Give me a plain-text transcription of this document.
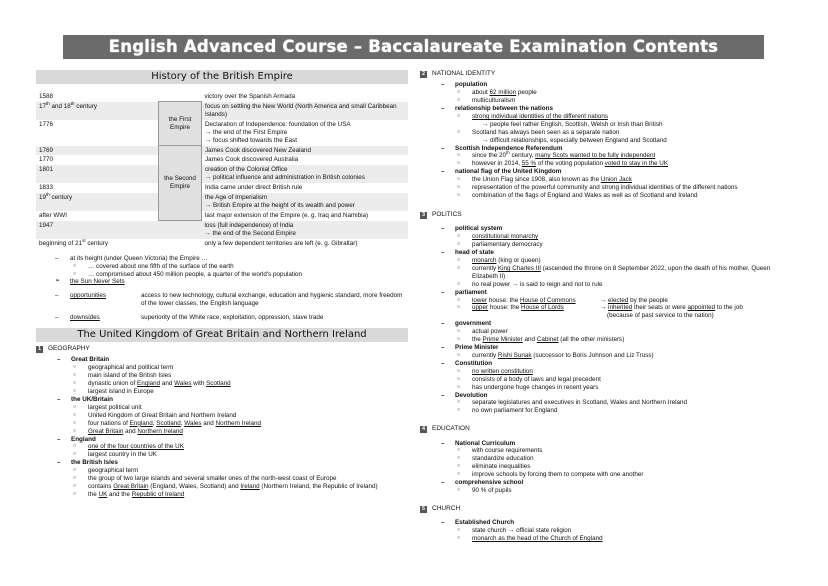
English Advanced Course – Baccalaureate Examination Contents
History of the British Empire
1588		victory over the Spanish Armada
17th and 18th century	the First Empire	focus on settling the New World (North America and small Caribbean Islands)
1776		Declaration of Independence: foundation of the USA
→ the end of the First Empire
→ focus shifted towards the East

1769	the Second Empire	James Cook discovered New Zealand
1770		James Cook discovered Australia
1801		creation of the Colonial Office
→ political influence and administration in British colonies

1833		India came under direct British rule
19th century		the Age of Imperialism
→ British Empire at the height of its wealth and power

after WWI		last major extension of the Empire (e. g. Iraq and Namibia)
1947		loss (full independence) of India
→ the end of the Second Empire

beginning of 21st century		only a few dependent territories are left (e. g. Gibraltar)
– at its height (under Queen Victoria) the Empire …
○ … covered about one fifth of the surface of the earth
○ … compromised about 450 million people, a quarter of the world's population
➢ the Sun Never Sets
– opportunities	access to new technology, cultural exchange, education and hygienic standard, more freedom of the lower classes, the English language
– downsides	superiority of the White race, exploitation, oppression, slave trade
The United Kingdom of Great Britain and Northern Ireland
1	GEOGRAPHY
– Great Britain
○ geographical and political term
○ main island of the British Isles
○ dynastic union of England and Wales with Scotland
○ largest island in Europe
– the UK/Britain
○ largest political unit
○ United Kingdom of Great Britain and Northern Ireland
○ four nations of England, Scotland, Wales and Northern Ireland
○ Great Britain and Northern Ireland
– England
○ one of the four countries of the UK
○ largest country in the UK
– the British Isles
○ geographical term
○ the group of two large islands and several smaller ones of the north-west coast of Europe
○ contains Great Britain (England, Wales, Scotland) and Ireland (Northern Ireland, the Republic of Ireland)
○ the UK and the Republic of Ireland
2	NATIONAL IDENTITY
– population
○ about 62 million people
○ multiculturalism
– relationship between the nations
○ strong individual identities of the different nations
→ people feel rather English, Scottish, Welsh or Irish than British
○ Scotland has always been seen as a separate nation
→ difficult relationships, especially between England and Scotland
– Scottish Independence Referendum
○ since the 20th century, many Scots wanted to be fully independent
○ however in 2014, 55 % of the voting population voted to stay in the UK
– national flag of the United Kingdom
○ the Union Flag since 1908, also known as the Union Jack
○ representation of the powerful community and strong individual identities of the different nations
○ combination of the flags of England and Wales as well as of Scotland and Ireland
3	POLITICS
– political system
○ constitutional monarchy
○ parliamentary democracy
– head of state
○ monarch (king or queen)
○ currently King Charles III (ascended the throne on 8 September 2022, upon the death of his mother, Queen Elizabeth II)
○ no real power → is said to reign and not to rule
– parliament
○ lower house: the House of Commons	→ elected by the people
○ upper house: the House of Lords	→ inherited their seats or were appointed to the job
(because of past service to the nation)
– government
○ actual power
○ the Prime Minister and Cabinet (all the other ministers)
– Prime Minister
○ currently Rishi Sunak (successor to Boris Johnson and Liz Truss)
– Constitution
○ no written constitution
○ consists of a body of laws and legal precedent
○ has undergone huge changes in recent years
– Devolution
○ separate legislatures and executives in Scotland, Wales and Northern Ireland
○ no own parliament for England
4	EDUCATION
– National Curriculum
○ with course requirements
○ standardize education
○ eliminate inequalities
○ improve schools by forcing them to compete with one another
– comprehensive school
○ 90 % of pupils
5	CHURCH
– Established Church
○ state church → official state religion
○ monarch as the head of the Church of England
